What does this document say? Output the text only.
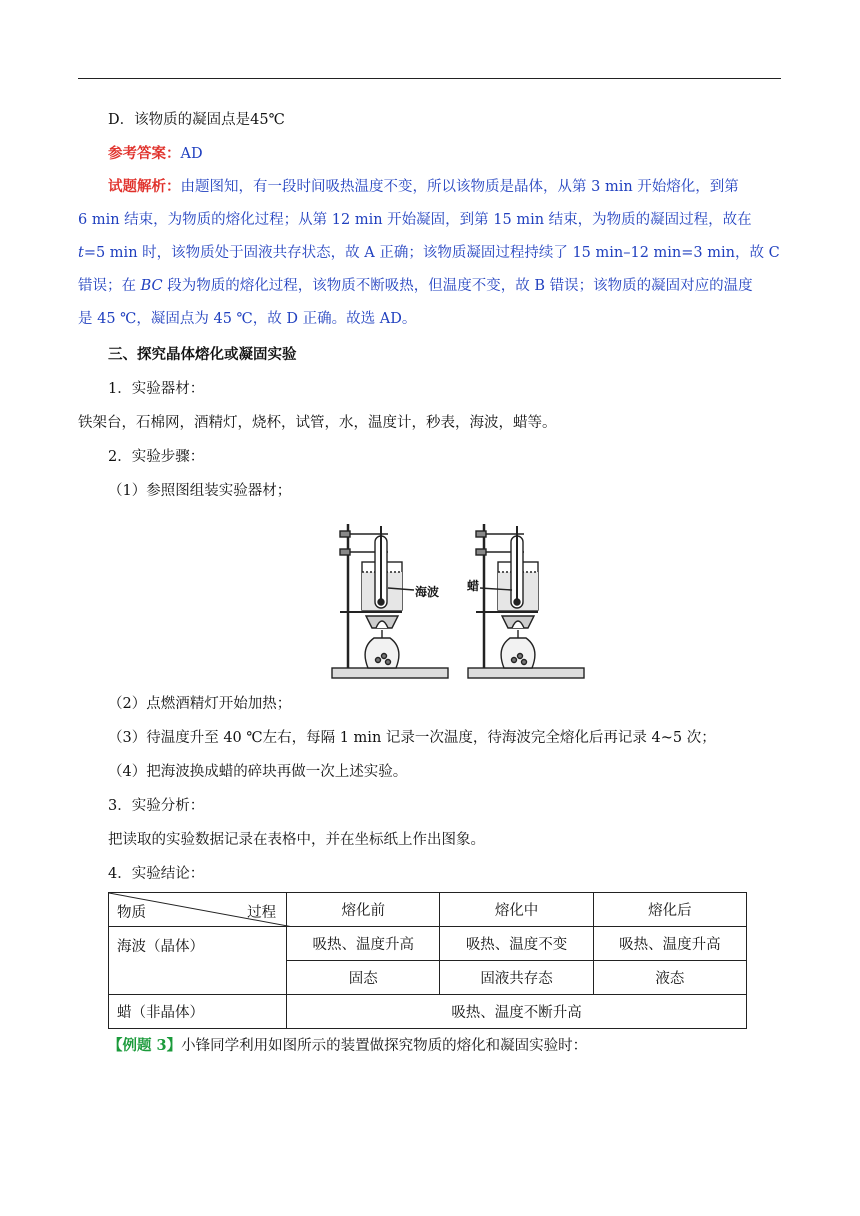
D．该物质的凝固点是45℃
参考答案：AD
试题解析：由题图知，有一段时间吸热温度不变，所以该物质是晶体，从第 3 min 开始熔化，到第
6 min 结束，为物质的熔化过程；从第 12 min 开始凝固，到第 15 min 结束，为物质的凝固过程，故在
t=5 min 时，该物质处于固液共存状态，故 A 正确；该物质凝固过程持续了 15 min–12 min=3 min，故 C
错误；在 BC 段为物质的熔化过程，该物质不断吸热，但温度不变，故 B 错误；该物质的凝固对应的温度
是 45 ℃，凝固点为 45 ℃，故 D 正确。故选 AD。
三、探究晶体熔化或凝固实验
1．实验器材：
铁架台，石棉网，酒精灯，烧杯，试管，水，温度计，秒表，海波，蜡等。
2．实验步骤：
（1）参照图组装实验器材；
海波 蜡
（2）点燃酒精灯开始加热；
（3）待温度升至 40 ℃左右，每隔 1 min 记录一次温度，待海波完全熔化后再记录 4~5 次；
（4）把海波换成蜡的碎块再做一次上述实验。
3．实验分析：
把读取的实验数据记录在表格中，并在坐标纸上作出图象。
4．实验结论：
物质 过程	熔化前	熔化中	熔化后
海波（晶体）	吸热、温度升高	吸热、温度不变	吸热、温度升高
	固态	固液共存态	液态
蜡（非晶体）	吸热、温度不断升高		
【例题 3】小锋同学利用如图所示的装置做探究物质的熔化和凝固实验时：
